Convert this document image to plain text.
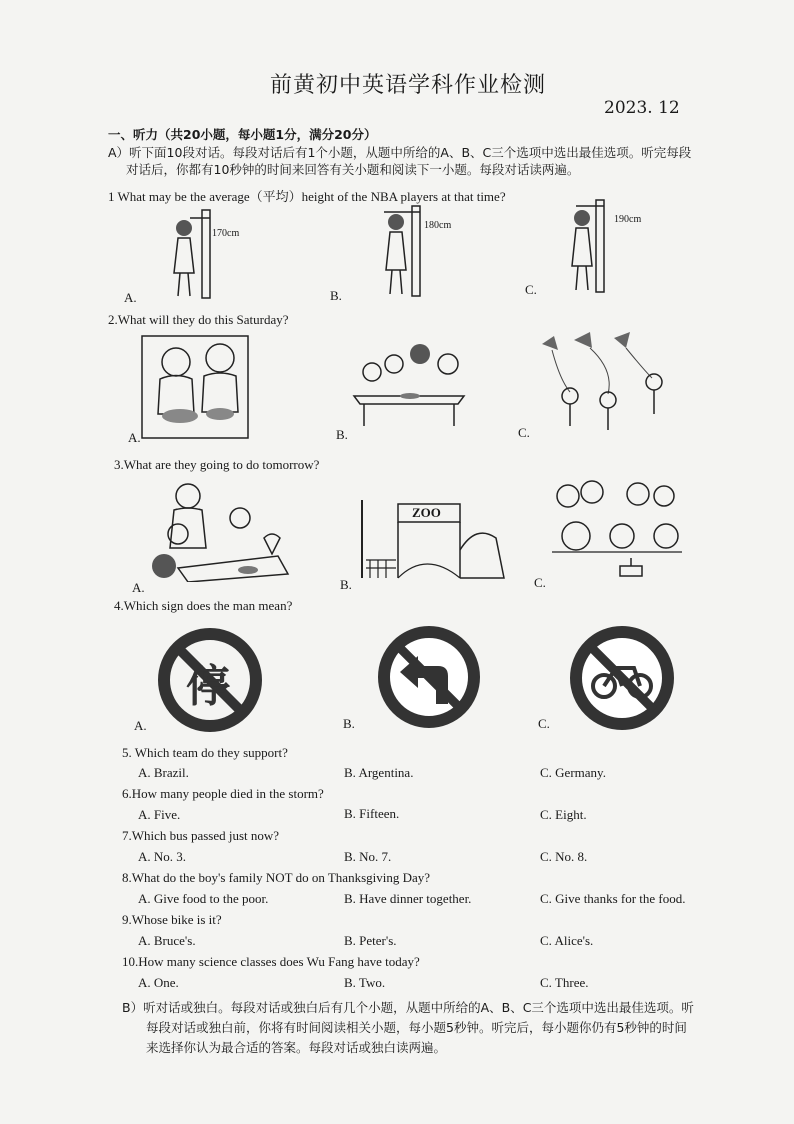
前黄初中英语学科作业检测
2023. 12
一、听力（共20小题，每小题1分，满分20分）
A）听下面10段对话。每段对话后有1个小题，从题中所给的A、B、C三个选项中选出最佳选项。听完每段
对话后，你都有10秒钟的时间来回答有关小题和阅读下一小题。每段对话读两遍。
1 What may be the average（平均）height of the NBA players at that time?
A.	B.	C.
170cm
180cm
190cm
2.What will they do this Saturday?
A.	B.	C.
3.What are they going to do tomorrow?
A.	B.	C.
ZOO
4.Which sign does the man mean?
A.	B.	C.
停
5. Which team do they support?
A. Brazil.	B. Argentina.	C. Germany.
6.How many people died in the storm?
A. Five.	B. Fifteen.	C. Eight.
7.Which bus passed just now?
A. No. 3.	B. No. 7.	C. No. 8.
8.What do the boy's family NOT do on Thanksgiving Day?
A. Give food to the poor.	B. Have dinner together.	C. Give thanks for the food.
9.Whose bike is it?
A. Bruce's.	B. Peter's.	C. Alice's.
10.How many science classes does Wu Fang have today?
A. One.	B. Two.	C. Three.
B）听对话或独白。每段对话或独白后有几个小题，从题中所给的A、B、C三个选项中选出最佳选项。听
每段对话或独白前，你将有时间阅读相关小题，每小题5秒钟。听完后，每小题你仍有5秒钟的时间
来选择你认为最合适的答案。每段对话或独白读两遍。
